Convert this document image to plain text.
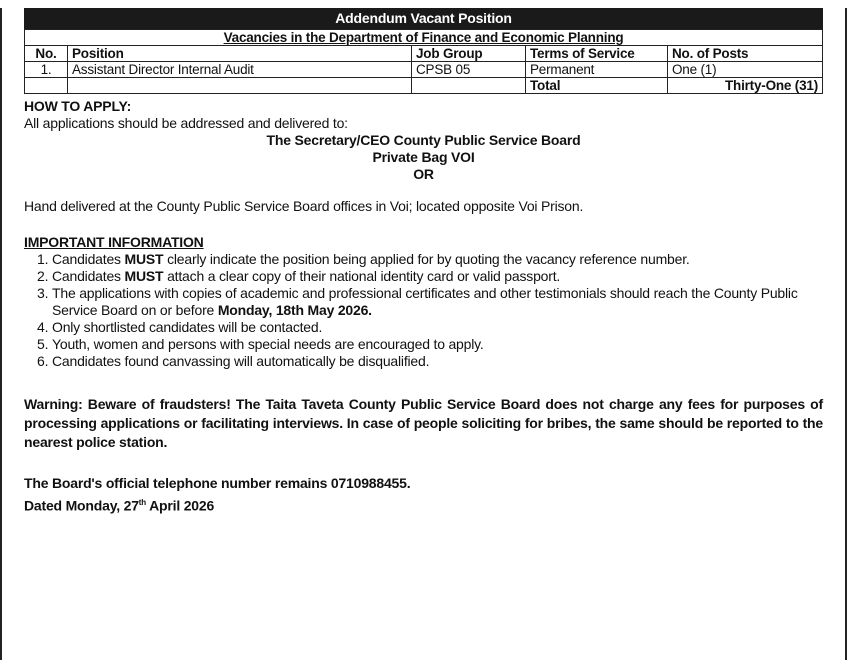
Addendum Vacant Position
Vacancies in the Department of Finance and Economic Planning				
No.	Position	Job Group	Terms of Service	No. of Posts
1.	Assistant Director Internal Audit	CPSB 05	Permanent	One (1)
			Total	Thirty-One (31)
HOW TO APPLY:
All applications should be addressed and delivered to:
The Secretary/CEO County Public Service Board
Private Bag VOI
OR
Hand delivered at the County Public Service Board offices in Voi; located opposite Voi Prison.
IMPORTANT INFORMATION
1. Candidates MUST clearly indicate the position being applied for by quoting the vacancy reference number.
2. Candidates MUST attach a clear copy of their national identity card or valid passport.
3. The applications with copies of academic and professional certificates and other testimonials should reach the County Public Service Board on or before Monday, 18th May 2026.
4. Only shortlisted candidates will be contacted.
5. Youth, women and persons with special needs are encouraged to apply.
6. Candidates found canvassing will automatically be disqualified.
Warning: Beware of fraudsters! The Taita Taveta County Public Service Board does not charge any fees for purposes of processing applications or facilitating interviews. In case of people soliciting for bribes, the same should be reported to the nearest police station.
The Board's official telephone number remains 0710988455.
Dated Monday, 27th April 2026
